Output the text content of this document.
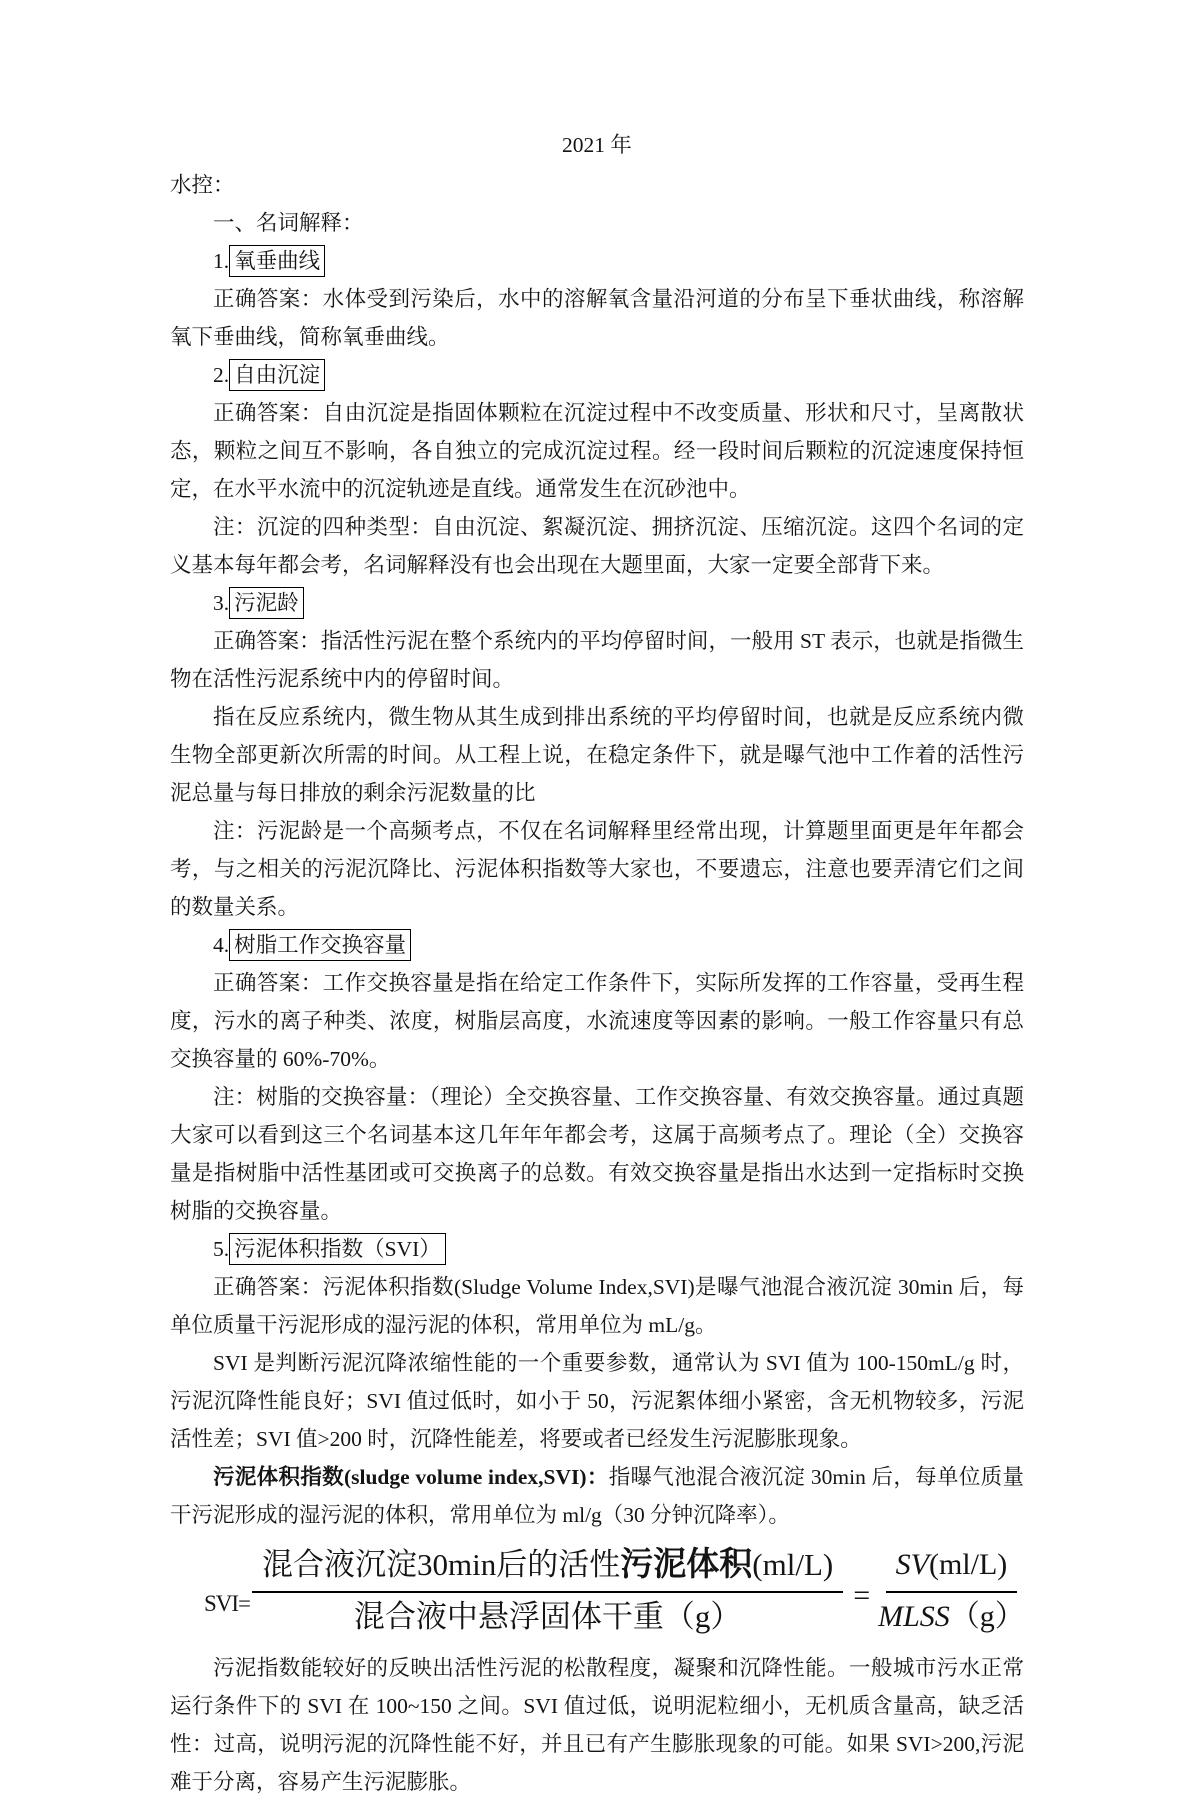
2021 年

水控：

一、名词解释：

1. 氧垂曲线

正确答案：水体受到污染后，水中的溶解氧含量沿河道的分布呈下垂状曲线，称溶解氧下垂曲线，简称氧垂曲线。

2. 自由沉淀

正确答案：自由沉淀是指固体颗粒在沉淀过程中不改变质量、形状和尺寸，呈离散状态，颗粒之间互不影响，各自独立的完成沉淀过程。经一段时间后颗粒的沉淀速度保持恒定，在水平水流中的沉淀轨迹是直线。通常发生在沉砂池中。

注：沉淀的四种类型：自由沉淀、絮凝沉淀、拥挤沉淀、压缩沉淀。这四个名词的定义基本每年都会考，名词解释没有也会出现在大题里面，大家一定要全部背下来。

3. 污泥龄

正确答案：指活性污泥在整个系统内的平均停留时间，一般用 ST 表示，也就是指微生物在活性污泥系统中内的停留时间。

指在反应系统内，微生物从其生成到排出系统的平均停留时间，也就是反应系统内微生物全部更新次所需的时间。从工程上说，在稳定条件下，就是曝气池中工作着的活性污泥总量与每日排放的剩余污泥数量的比

注：污泥龄是一个高频考点，不仅在名词解释里经常出现，计算题里面更是年年都会考，与之相关的污泥沉降比、污泥体积指数等大家也，不要遗忘，注意也要弄清它们之间的数量关系。

4. 树脂工作交换容量

正确答案：工作交换容量是指在给定工作条件下，实际所发挥的工作容量，受再生程度，污水的离子种类、浓度，树脂层高度，水流速度等因素的影响。一般工作容量只有总交换容量的 60%-70%。

注：树脂的交换容量：（理论）全交换容量、工作交换容量、有效交换容量。通过真题大家可以看到这三个名词基本这几年年年都会考，这属于高频考点了。理论（全）交换容量是指树脂中活性基团或可交换离子的总数。有效交换容量是指出水达到一定指标时交换树脂的交换容量。

5. 污泥体积指数（SVI）

正确答案：污泥体积指数(Sludge Volume Index,SVI)是曝气池混合液沉淀 30min 后，每单位质量干污泥形成的湿污泥的体积，常用单位为 mL/g。

SVI 是判断污泥沉降浓缩性能的一个重要参数，通常认为 SVI 值为 100-150mL/g 时，污泥沉降性能良好；SVI 值过低时，如小于 50，污泥絮体细小紧密，含无机物较多，污泥活性差；SVI 值>200 时，沉降性能差，将要或者已经发生污泥膨胀现象。

污泥体积指数(sludge volume index,SVI)：指曝气池混合液沉淀 30min 后，每单位质量干污泥形成的湿污泥的体积，常用单位为 ml/g（30 分钟沉降率）。

$SVI= \frac{\text{混合液沉淀30min后的活性污泥体积(ml/L)}}{\text{混合液中悬浮固体干重（g）}} = \frac{SV(ml/L)}{\text{MLSS（g）}}$

污泥指数能较好的反映出活性污泥的松散程度，凝聚和沉降性能。一般城市污水正常运行条件下的 SVI 在 100~150 之间。SVI 值过低，说明泥粒细小，无机质含量高，缺乏活性：过高，说明污泥的沉降性能不好，并且已有产生膨胀现象的可能。如果 SVI>200,污泥难于分离，容易产生污泥膨胀。
